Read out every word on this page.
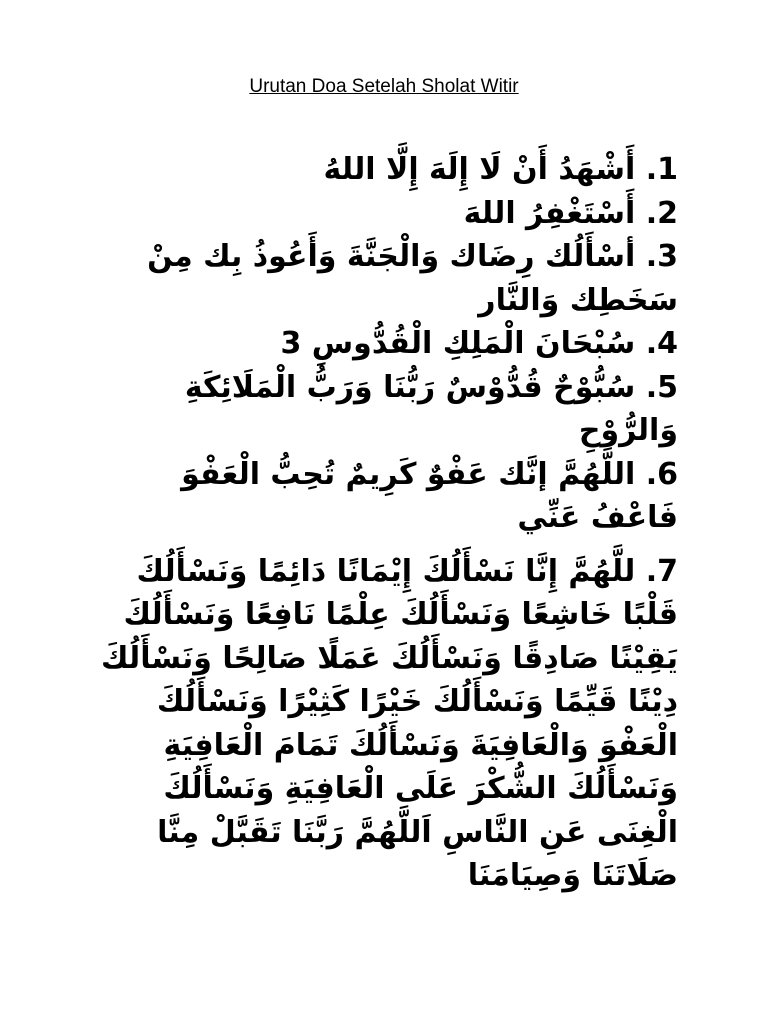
Urutan Doa Setelah Sholat Witir

1. أَشْهَدُ أَنْ لَا إِلَهَ إِلَّا اللهُ

2. أَسْتَغْفِرُ اللهَ

3. أسْأَلُك رِضَاك وَالْجَنَّةَ وَأَعُوذُ بِك مِنْ سَخَطِك وَالنَّار

4. سُبْحَانَ الْمَلِكِ الْقُدُّوسِ 3

5. سُبُّوْحٌ قُدُّوْسٌ رَبُّنَا وَرَبُّ الْمَلَائِكَةِ وَالرُّوْحِ

6. اللَّهُمَّ إنَّك عَفْوٌ كَرِيمٌ تُحِبُّ الْعَفْوَ فَاعْفُ عَنِّي

7. للَّهُمَّ إِنَّا نَسْأَلُكَ إِيْمَانًا دَائِمًا وَنَسْأَلُكَ قَلْبًا خَاشِعًا وَنَسْأَلُكَ عِلْمًا نَافِعًا وَنَسْأَلُكَ يَقِيْنًا صَادِقًا وَنَسْأَلُكَ عَمَلًا صَالِحًا وَنَسْأَلُكَ دِيْنًا قَيِّمًا وَنَسْأَلُكَ خَيْرًا كَثِيْرًا وَنَسْأَلُكَ الْعَفْوَ وَالْعَافِيَةَ وَنَسْأَلُكَ تَمَامَ الْعَافِيَةِ وَنَسْأَلُكَ الشُّكْرَ عَلَى الْعَافِيَةِ وَنَسْأَلُكَ الْغِنَى عَنِ النَّاسِ اَللَّهُمَّ رَبَّنَا تَقَبَّلْ مِنَّا صَلَاتَنَا وَصِيَامَنَا
